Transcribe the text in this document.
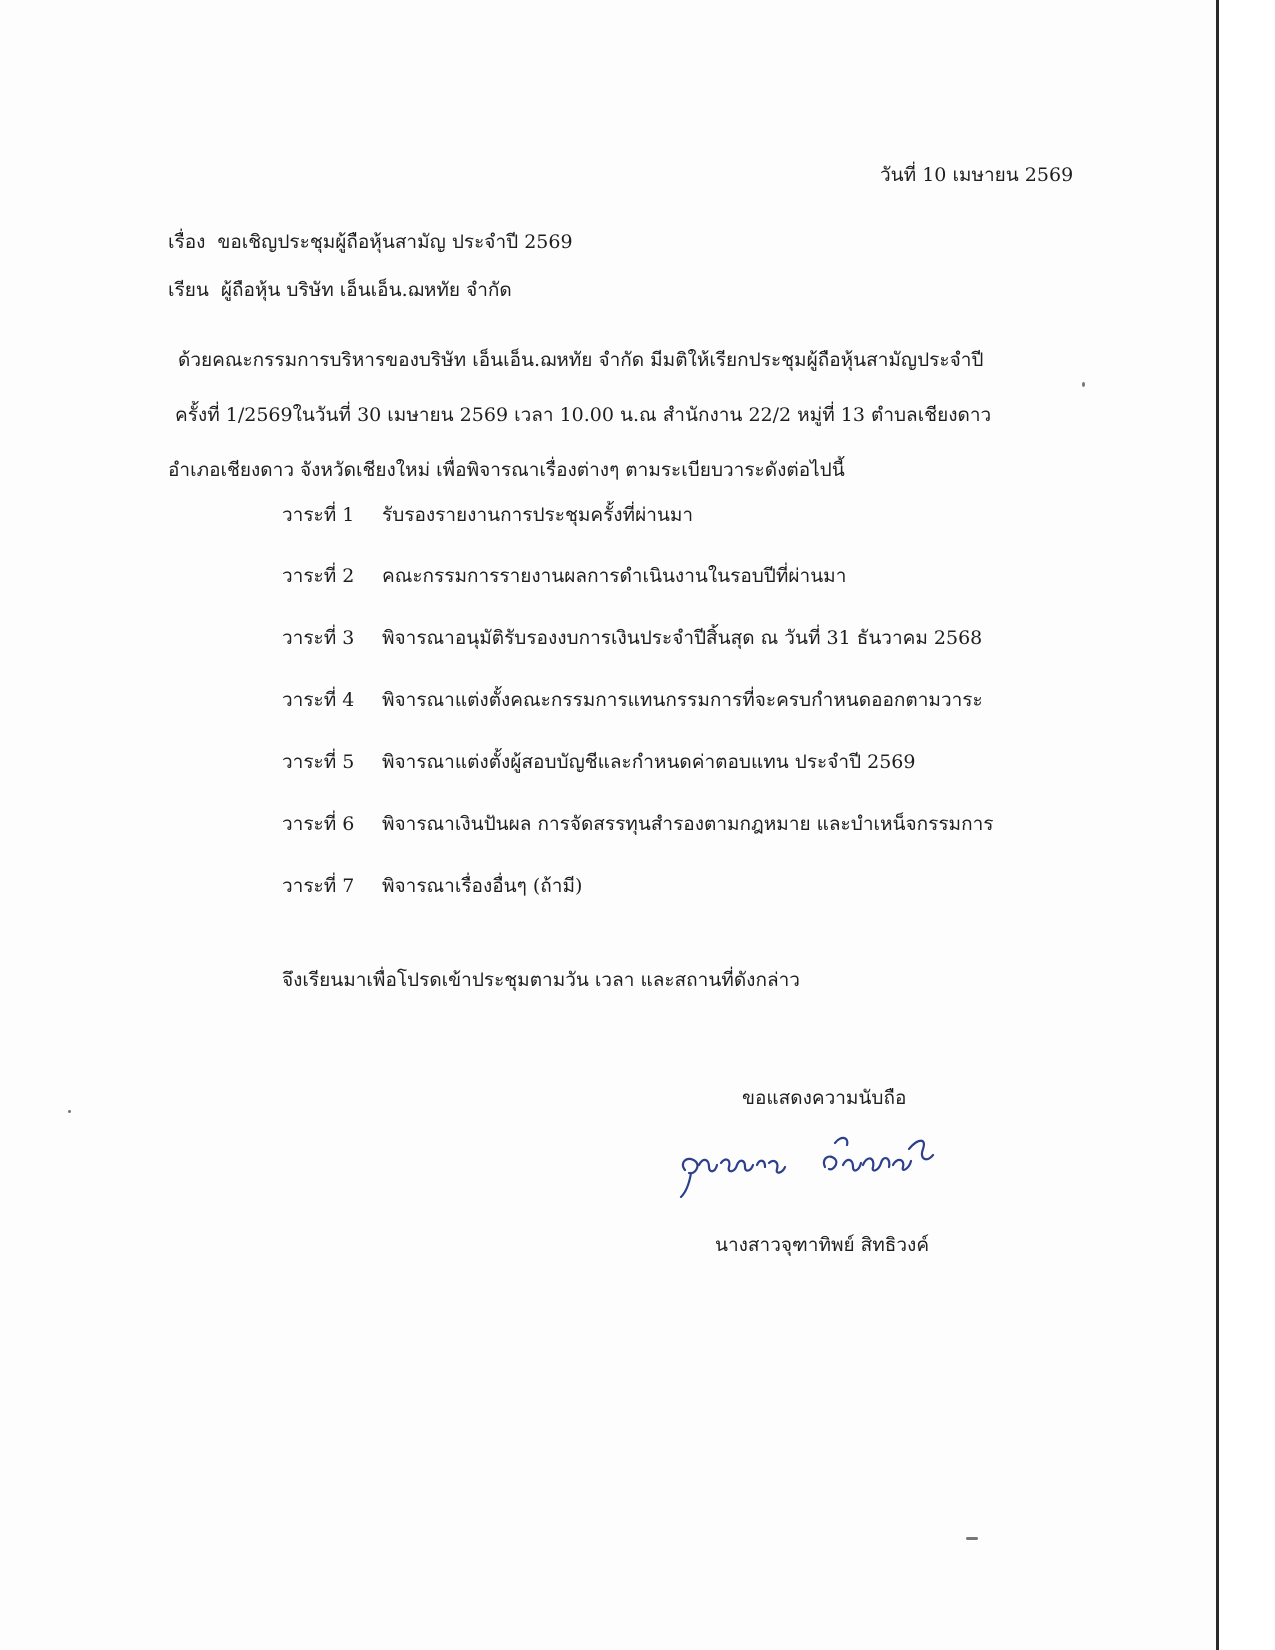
วันที่ 10 เมษายน 2569
เรื่อง ขอเชิญประชุมผู้ถือหุ้นสามัญ ประจำปี 2569
เรียน ผู้ถือหุ้น บริษัท เอ็นเอ็น.ฌหทัย จำกัด
ด้วยคณะกรรมการบริหารของบริษัท เอ็นเอ็น.ฌหทัย จำกัด มีมติให้เรียกประชุมผู้ถือหุ้นสามัญประจำปี
ครั้งที่ 1/2569ในวันที่ 30 เมษายน 2569 เวลา 10.00 น.ณ สำนักงาน 22/2 หมู่ที่ 13 ตำบลเชียงดาว
อำเภอเชียงดาว จังหวัดเชียงใหม่ เพื่อพิจารณาเรื่องต่างๆ ตามระเบียบวาระดังต่อไปนี้
วาระที่ 1 รับรองรายงานการประชุมครั้งที่ผ่านมา
วาระที่ 2 คณะกรรมการรายงานผลการดำเนินงานในรอบปีที่ผ่านมา
วาระที่ 3 พิจารณาอนุมัติรับรองงบการเงินประจำปีสิ้นสุด ณ วันที่ 31 ธันวาคม 2568
วาระที่ 4 พิจารณาแต่งตั้งคณะกรรมการแทนกรรมการที่จะครบกำหนดออกตามวาระ
วาระที่ 5 พิจารณาแต่งตั้งผู้สอบบัญชีและกำหนดค่าตอบแทน ประจำปี 2569
วาระที่ 6 พิจารณาเงินปันผล การจัดสรรทุนสำรองตามกฎหมาย และบำเหน็จกรรมการ
วาระที่ 7 พิจารณาเรื่องอื่นๆ (ถ้ามี)
จึงเรียนมาเพื่อโปรดเข้าประชุมตามวัน เวลา และสถานที่ดังกล่าว
ขอแสดงความนับถือ
นางสาวจุฑาทิพย์ สิทธิวงค์
